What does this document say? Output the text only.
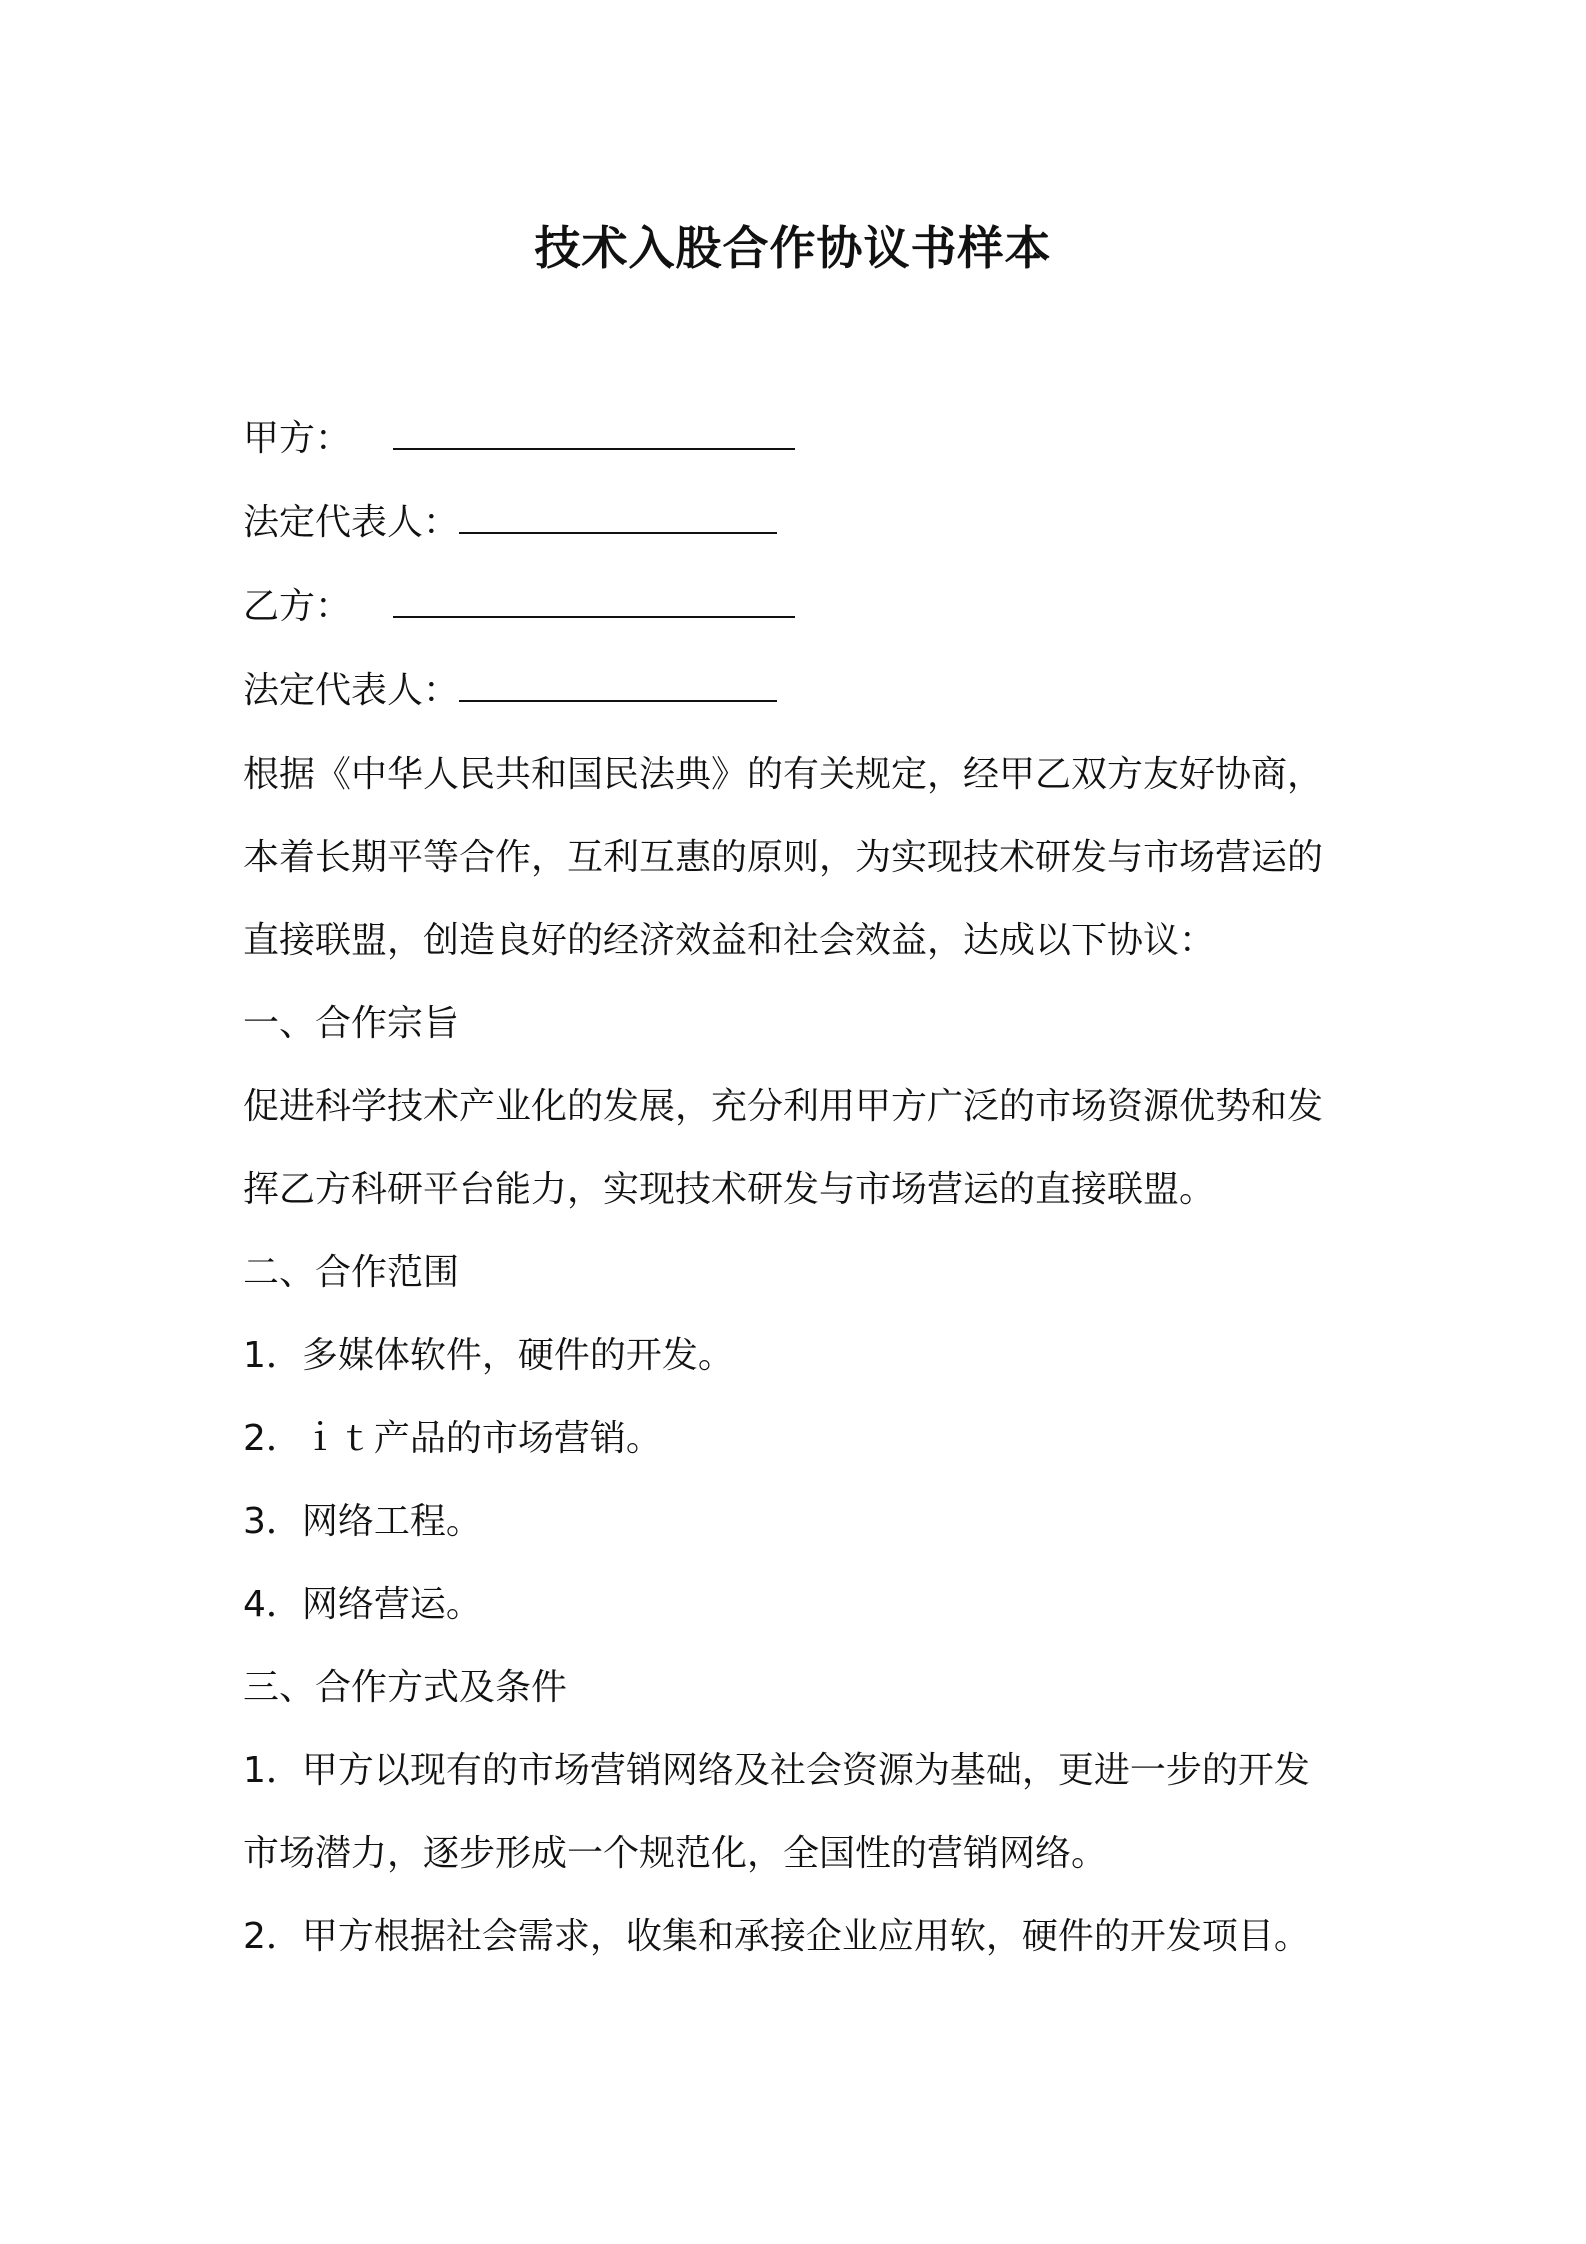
技术入股合作协议书样本
甲方：
法定代表人：
乙方：
法定代表人：
根据《中华人民共和国民法典》的有关规定，经甲乙双方友好协商，
本着长期平等合作，互利互惠的原则，为实现技术研发与市场营运的
直接联盟，创造良好的经济效益和社会效益，达成以下协议：
一、合作宗旨
促进科学技术产业化的发展，充分利用甲方广泛的市场资源优势和发
挥乙方科研平台能力，实现技术研发与市场营运的直接联盟。
二、合作范围
1．多媒体软件，硬件的开发。
2．ｉｔ产品的市场营销。
3．网络工程。
4．网络营运。
三、合作方式及条件
1．甲方以现有的市场营销网络及社会资源为基础，更进一步的开发
市场潜力，逐步形成一个规范化，全国性的营销网络。
2．甲方根据社会需求，收集和承接企业应用软，硬件的开发项目。
